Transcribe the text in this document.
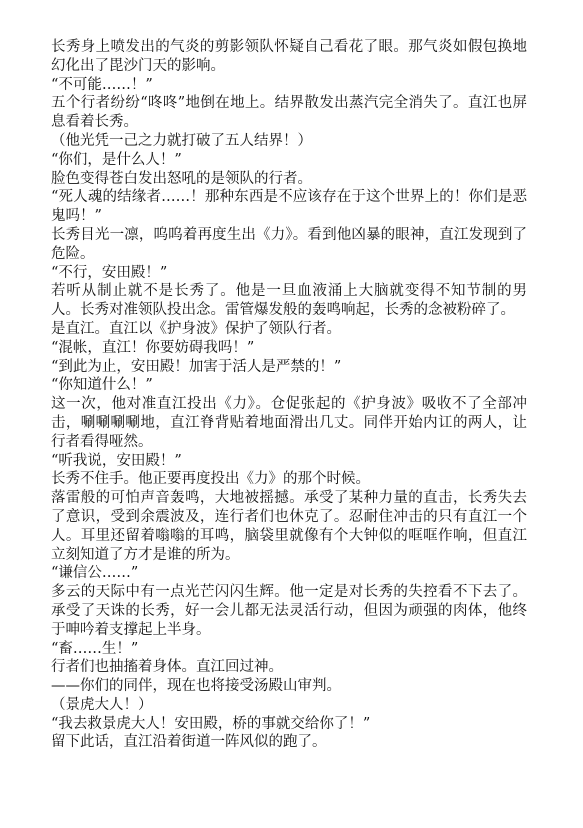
长秀身上喷发出的气炎的剪影领队怀疑自己看花了眼。那气炎如假包换地幻化出了毘沙门天的影响。

“不可能……！”

五个行者纷纷“咚咚”地倒在地上。结界散发出蒸汽完全消失了。直江也屏息看着长秀。

（他光凭一己之力就打破了五人结界！）

“你们，是什么人！”

脸色变得苍白发出怒吼的是领队的行者。

“死人魂的结缘者……！那种东西是不应该存在于这个世界上的！你们是恶鬼吗！”

长秀目光一凛，呜呜着再度生出《力》。看到他凶暴的眼神，直江发现到了危险。

“不行，安田殿！”

若听从制止就不是长秀了。他是一旦血液涌上大脑就变得不知节制的男人。长秀对准领队投出念。雷管爆发般的轰鸣响起，长秀的念被粉碎了。

是直江。直江以《护身波》保护了领队行者。

“混帐，直江！你要妨碍我吗！”

“到此为止，安田殿！加害于活人是严禁的！”

“你知道什么！”

这一次，他对准直江投出《力》。仓促张起的《护身波》吸收不了全部冲击，唰唰唰唰地，直江脊背贴着地面滑出几丈。同伴开始内讧的两人，让行者看得哑然。

“听我说，安田殿！”

长秀不住手。他正要再度投出《力》的那个时候。

落雷般的可怕声音轰鸣，大地被摇撼。承受了某种力量的直击，长秀失去了意识，受到余震波及，连行者们也休克了。忍耐住冲击的只有直江一个人。耳里还留着嗡嗡的耳鸣，脑袋里就像有个大钟似的哐哐作响，但直江立刻知道了方才是谁的所为。

“谦信公……”

多云的天际中有一点光芒闪闪生辉。他一定是对长秀的失控看不下去了。承受了天诛的长秀，好一会儿都无法灵活行动，但因为顽强的肉体，他终于呻吟着支撑起上半身。

“畜……生！”

行者们也抽搐着身体。直江回过神。

——你们的同伴，现在也将接受汤殿山审判。

（景虎大人！）

“我去救景虎大人！安田殿，桥的事就交给你了！”

留下此话，直江沿着街道一阵风似的跑了。
